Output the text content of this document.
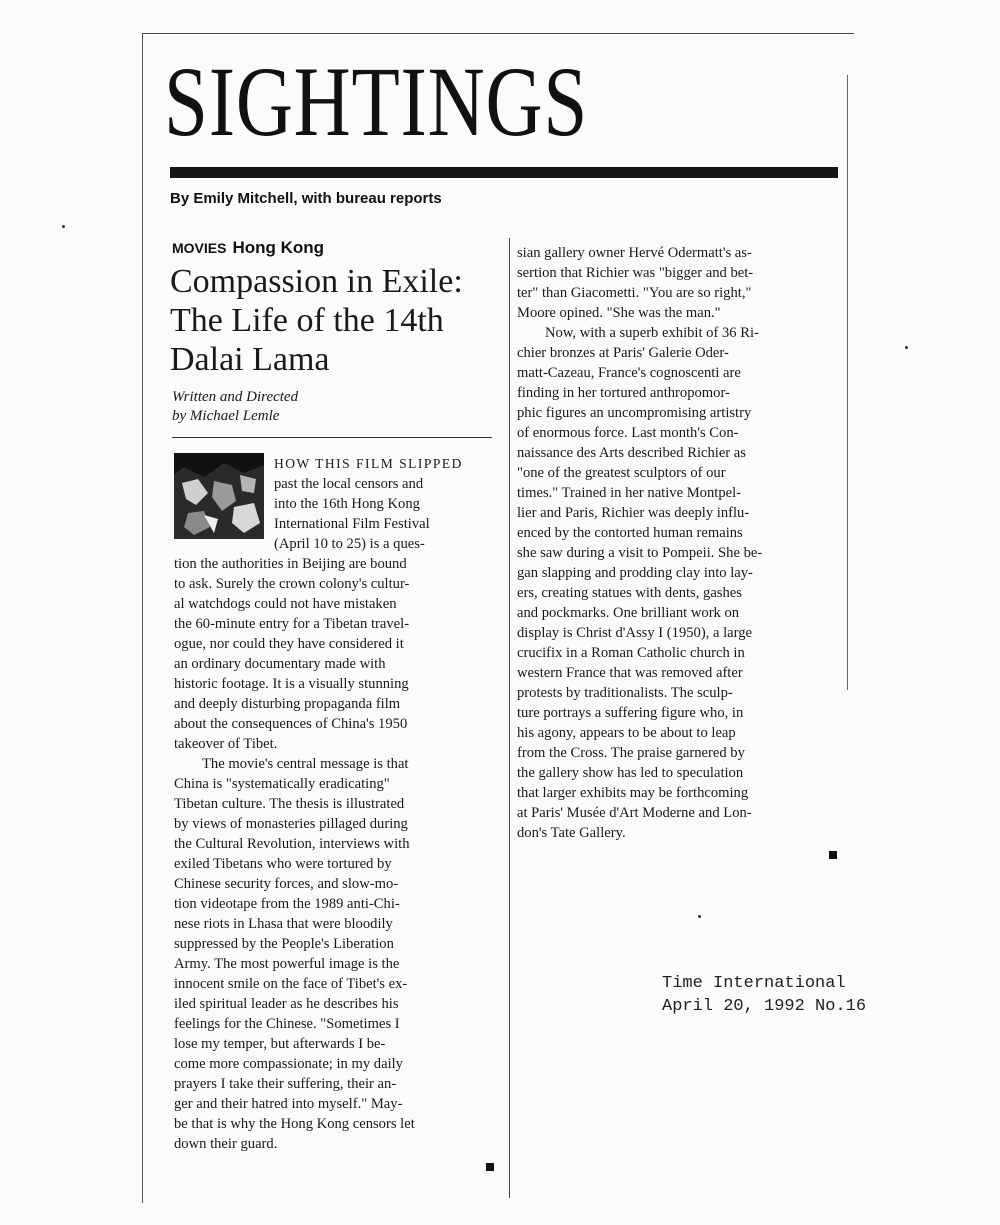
SIGHTINGS
By Emily Mitchell, with bureau reports
MOVIES Hong Kong
Compassion in Exile: The Life of the 14th Dalai Lama
Written and Directed
by Michael Lemle
HOW THIS FILM SLIPPED
past the local censors and
into the 16th Hong Kong
International Film Festival
(April 10 to 25) is a ques-
tion the authorities in Beijing are bound
to ask. Surely the crown colony's cultur-
al watchdogs could not have mistaken
the 60-minute entry for a Tibetan travel-
ogue, nor could they have considered it
an ordinary documentary made with
historic footage. It is a visually stunning
and deeply disturbing propaganda film
about the consequences of China's 1950
takeover of Tibet.
The movie's central message is that
China is "systematically eradicating"
Tibetan culture. The thesis is illustrated
by views of monasteries pillaged during
the Cultural Revolution, interviews with
exiled Tibetans who were tortured by
Chinese security forces, and slow-mo-
tion videotape from the 1989 anti-Chi-
nese riots in Lhasa that were bloodily
suppressed by the People's Liberation
Army. The most powerful image is the
innocent smile on the face of Tibet's ex-
iled spiritual leader as he describes his
feelings for the Chinese. "Sometimes I
lose my temper, but afterwards I be-
come more compassionate; in my daily
prayers I take their suffering, their an-
ger and their hatred into myself." May-
be that is why the Hong Kong censors let
down their guard.
sian gallery owner Hervé Odermatt's as-
sertion that Richier was "bigger and bet-
ter" than Giacometti. "You are so right,"
Moore opined. "She was the man."
Now, with a superb exhibit of 36 Ri-
chier bronzes at Paris' Galerie Oder-
matt-Cazeau, France's cognoscenti are
finding in her tortured anthropomor-
phic figures an uncompromising artistry
of enormous force. Last month's Con-
naissance des Arts described Richier as
"one of the greatest sculptors of our
times." Trained in her native Montpel-
lier and Paris, Richier was deeply influ-
enced by the contorted human remains
she saw during a visit to Pompeii. She be-
gan slapping and prodding clay into lay-
ers, creating statues with dents, gashes
and pockmarks. One brilliant work on
display is Christ d'Assy I (1950), a large
crucifix in a Roman Catholic church in
western France that was removed after
protests by traditionalists. The sculp-
ture portrays a suffering figure who, in
his agony, appears to be about to leap
from the Cross. The praise garnered by
the gallery show has led to speculation
that larger exhibits may be forthcoming
at Paris' Musée d'Art Moderne and Lon-
don's Tate Gallery.
Time International
April 20, 1992 No.16
